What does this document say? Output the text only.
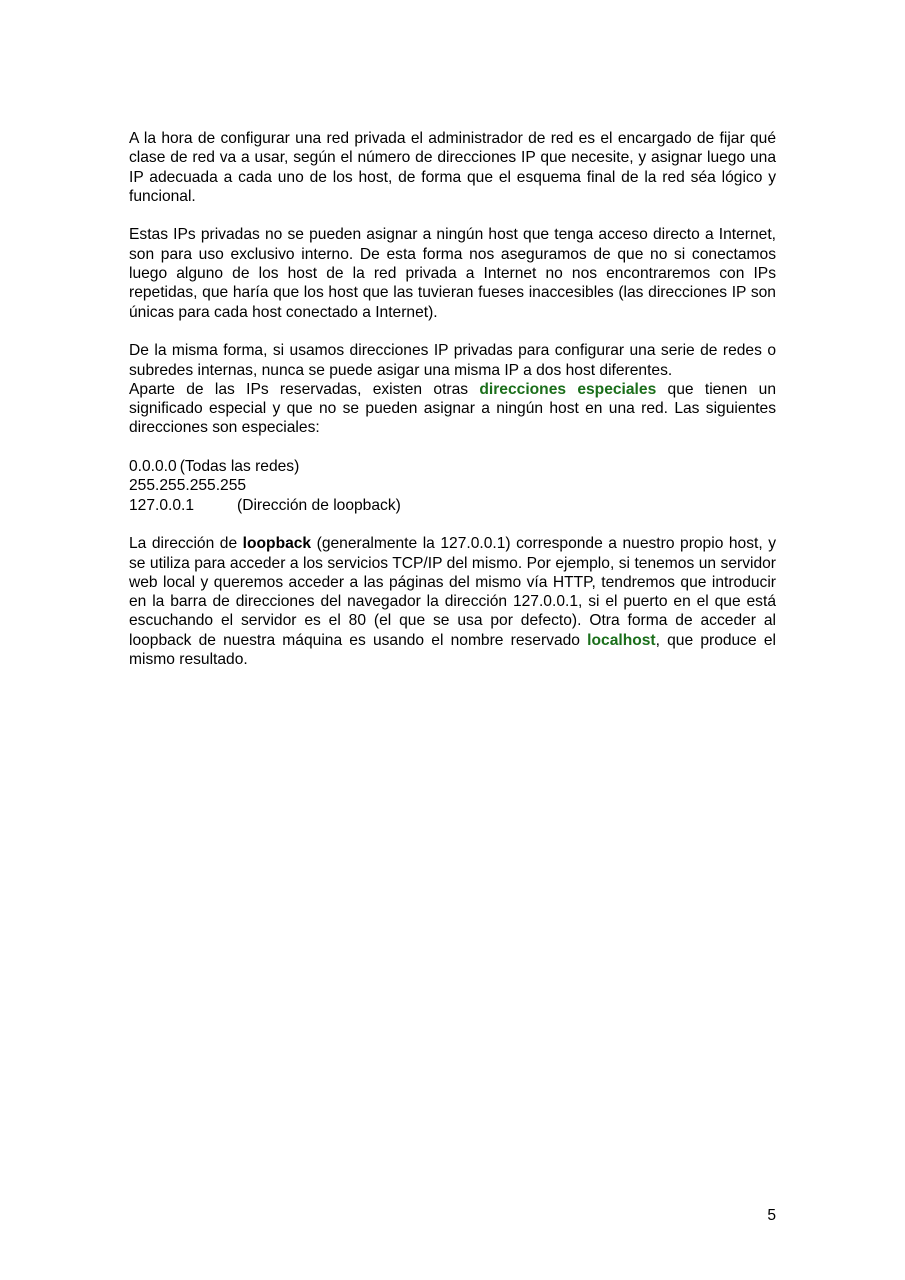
A la hora de configurar una red privada el administrador de red es el encargado de fijar qué clase de red va a usar, según el número de direcciones IP que necesite, y asignar luego una IP adecuada a cada uno de los host, de forma que el esquema final de la red séa lógico y funcional.

Estas IPs privadas no se pueden asignar a ningún host que tenga acceso directo a Internet, son para uso exclusivo interno. De esta forma nos aseguramos de que no si conectamos luego alguno de los host de la red privada a Internet no nos encontraremos con IPs repetidas, que haría que los host que las tuvieran fueses inaccesibles (las direcciones IP son únicas para cada host conectado a Internet).

De la misma forma, si usamos direcciones IP privadas para configurar una serie de redes o subredes internas, nunca se puede asigar una misma IP a dos host diferentes.
Aparte de las IPs reservadas, existen otras direcciones especiales que tienen un significado especial y que no se pueden asignar a ningún host en una red. Las siguientes direcciones son especiales:

0.0.0.0 (Todas las redes)
255.255.255.255
127.0.0.1	(Dirección de loopback)

La dirección de loopback (generalmente la 127.0.0.1) corresponde a nuestro propio host, y se utiliza para acceder a los servicios TCP/IP del mismo. Por ejemplo, si tenemos un servidor web local y queremos acceder a las páginas del mismo vía HTTP, tendremos que introducir en la barra de direcciones del navegador la dirección 127.0.0.1, si el puerto en el que está escuchando el servidor es el 80 (el que se usa por defecto). Otra forma de acceder al loopback de nuestra máquina es usando el nombre reservado localhost, que produce el mismo resultado.

5
